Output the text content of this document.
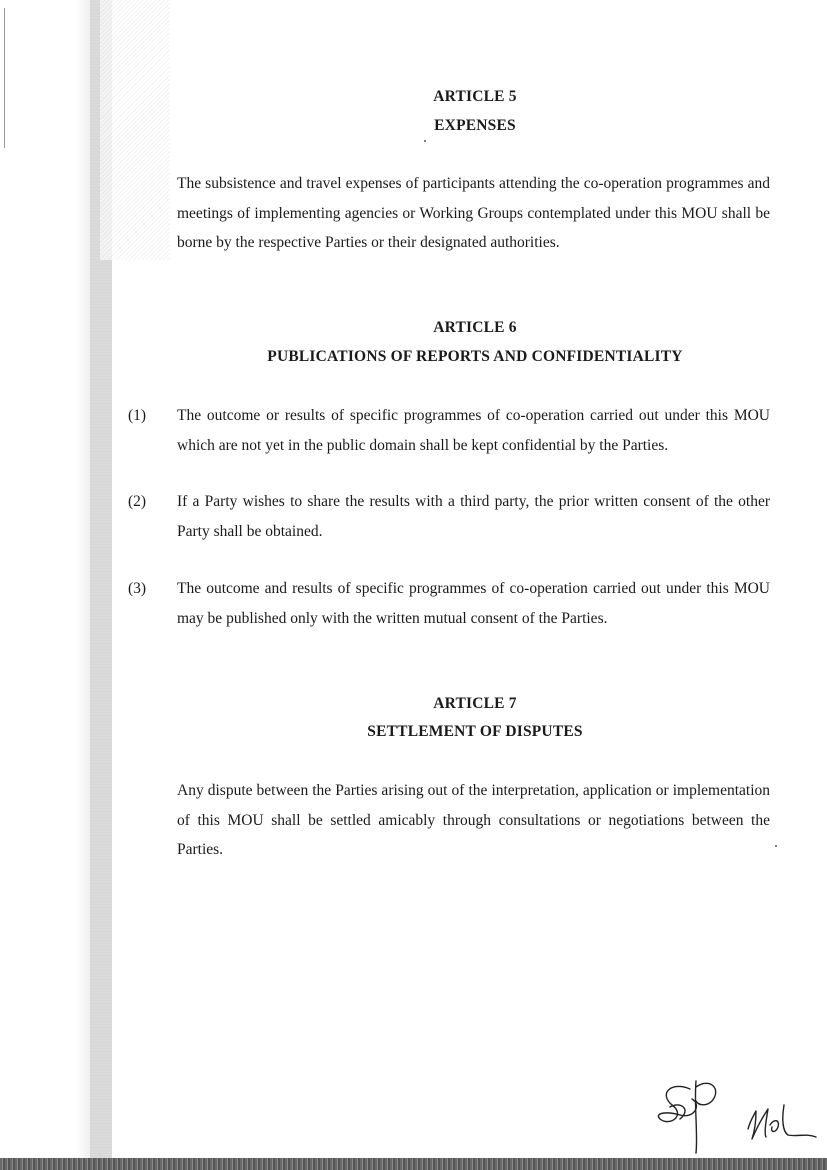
ARTICLE 5
EXPENSES

The subsistence and travel expenses of participants attending the co-operation programmes and meetings of implementing agencies or Working Groups contemplated under this MOU shall be borne by the respective Parties or their designated authorities.

ARTICLE 6
PUBLICATIONS OF REPORTS AND CONFIDENTIALITY
(1) The outcome or results of specific programmes of co-operation carried out under this MOU which are not yet in the public domain shall be kept confidential by the Parties.

(2) If a Party wishes to share the results with a third party, the prior written consent of the other Party shall be obtained.

(3) The outcome and results of specific programmes of co-operation carried out under this MOU may be published only with the written mutual consent of the Parties.

ARTICLE 7
SETTLEMENT OF DISPUTES

Any dispute between the Parties arising out of the interpretation, application or implementation of this MOU shall be settled amicably through consultations or negotiations between the Parties.
